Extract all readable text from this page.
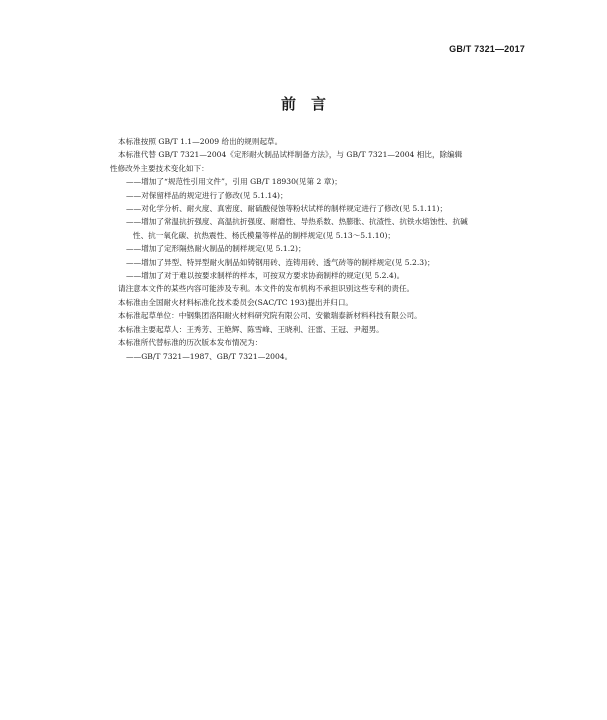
GB/T 7321—2017
前　言
本标准按照 GB/T 1.1—2009 给出的规则起草。
本标准代替 GB/T 7321—2004《定形耐火制品试样制备方法》，与 GB/T 7321—2004 相比，除编辑
性修改外主要技术变化如下：
——增加了“规范性引用文件”，引用 GB/T 18930(见第 2 章)；
——对保留样品的规定进行了修改(见 5.1.14)；
——对化学分析、耐火度、真密度、耐硫酸侵蚀等粉状试样的制样规定进行了修改(见 5.1.11)；
——增加了常温抗折强度、高温抗折强度、耐磨性、导热系数、热膨胀、抗渣性、抗铁水熔蚀性、抗碱
性、抗一氧化碳、抗热震性、杨氏模量等样品的制样规定(见 5.13～5.1.10)；
——增加了定形隔热耐火制品的制样规定(见 5.1.2)；
——增加了异型、特异型耐火制品如铸钢用砖、连铸用砖、透气砖等的制样规定(见 5.2.3)；
——增加了对于难以按要求制样的样本，可按双方要求协商制样的规定(见 5.2.4)。
请注意本文件的某些内容可能涉及专利。本文件的发布机构不承担识别这些专利的责任。
本标准由全国耐火材料标准化技术委员会(SAC/TC 193)提出并归口。
本标准起草单位：中钢集团洛阳耐火材料研究院有限公司、安徽瑞泰新材料科技有限公司。
本标准主要起草人：王秀芳、王艳辉、陈雪峰、王晓利、汪雷、王冠、尹超男。
本标准所代替标准的历次版本发布情况为：
——GB/T 7321—1987、GB/T 7321—2004。
